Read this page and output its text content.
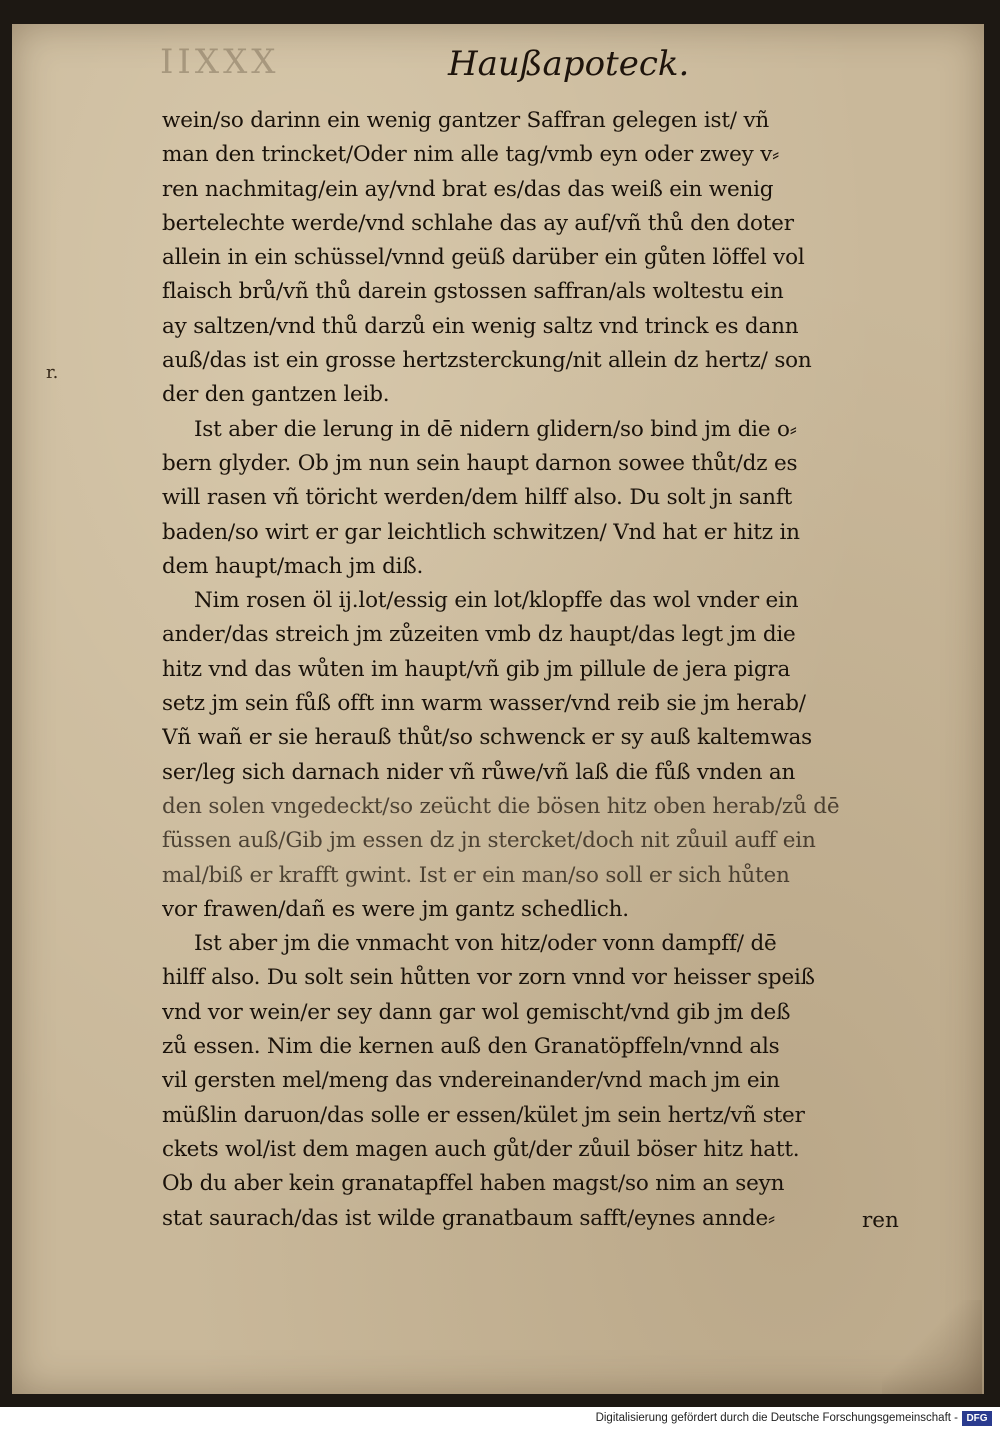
IIXXX	Haußapoteck.
r.
wein/so darinn ein wenig gantzer Saffran gelegen ist/ vñ
man den trincket/Oder nim alle tag/vmb eyn oder zwey v⸗
ren nachmitag/ein ay/vnd brat es/das das weiß ein wenig
bertelechte werde/vnd schlahe das ay auf/vñ thů den doter
allein in ein schüssel/vnnd geüß darüber ein gůten löffel vol
flaisch brů/vñ thů darein gstossen saffran/als woltestu ein
ay saltzen/vnd thů darzů ein wenig saltz vnd trinck es dann
auß/das ist ein grosse hertzsterckung/nit allein dz hertz/ son
der den gantzen leib.
Ist aber die lerung in dē nidern glidern/so bind jm die o⸗
bern glyder. Ob jm nun sein haupt darnon sowee thůt/dz es
will rasen vñ töricht werden/dem hilff also. Du solt jn sanft
baden/so wirt er gar leichtlich schwitzen/ Vnd hat er hitz in
dem haupt/mach jm diß.
Nim rosen öl ij.lot/essig ein lot/klopffe das wol vnder ein
ander/das streich jm zůzeiten vmb dz haupt/das legt jm die
hitz vnd das wůten im haupt/vñ gib jm pillule de jera pigra
setz jm sein fůß offt inn warm wasser/vnd reib sie jm herab/
Vñ wañ er sie herauß thůt/so schwenck er sy auß kaltemwas
ser/leg sich darnach nider vñ růwe/vñ laß die fůß vnden an
den solen vngedeckt/so zeücht die bösen hitz oben herab/zů dē
füssen auß/Gib jm essen dz jn stercket/doch nit zůuil auff ein
mal/biß er krafft gwint. Ist er ein man/so soll er sich hůten
vor frawen/dañ es were jm gantz schedlich.
Ist aber jm die vnmacht von hitz/oder vonn dampff/ dē
hilff also. Du solt sein hůtten vor zorn vnnd vor heisser speiß
vnd vor wein/er sey dann gar wol gemischt/vnd gib jm deß
zů essen. Nim die kernen auß den Granatöpffeln/vnnd als
vil gersten mel/meng das vndereinander/vnd mach jm ein
müßlin daruon/das solle er essen/kület jm sein hertz/vñ ster
ckets wol/ist dem magen auch gůt/der zůuil böser hitz hatt.
Ob du aber kein granatapffel haben magst/so nim an seyn
stat saurach/das ist wilde granatbaum safft/eynes annde⸗	ren
Digitalisierung gefördert durch die Deutsche Forschungsgemeinschaft - DFG
